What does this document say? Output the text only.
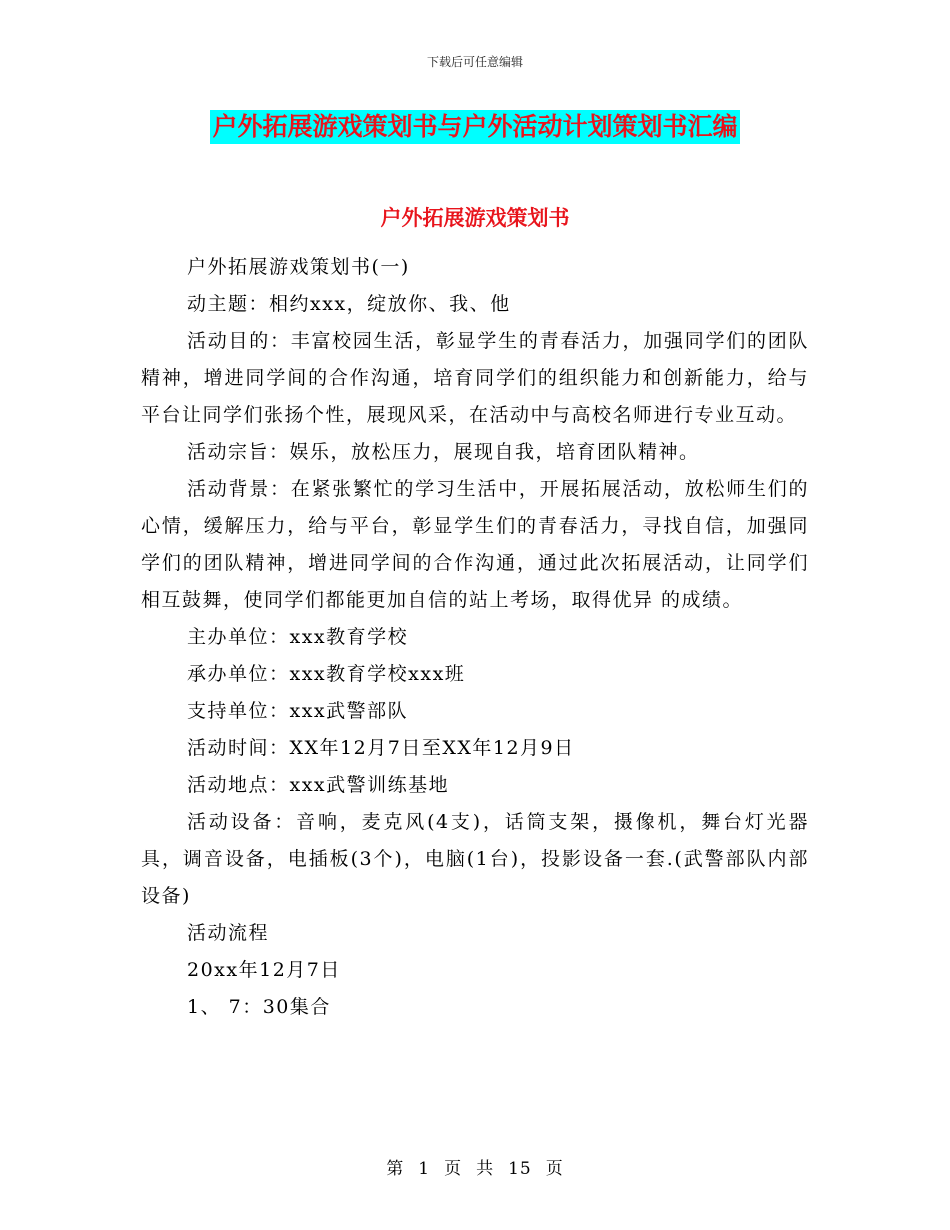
下载后可任意编辑
户外拓展游戏策划书与户外活动计划策划书汇编
户外拓展游戏策划书

户外拓展游戏策划书(一)

动主题：相约xxx，绽放你、我、他

活动目的：丰富校园生活，彰显学生的青春活力，加强同学们的团队精神，增进同学间的合作沟通，培育同学们的组织能力和创新能力，给与平台让同学们张扬个性，展现风采，在活动中与高校名师进行专业互动。

活动宗旨：娱乐，放松压力，展现自我，培育团队精神。

活动背景：在紧张繁忙的学习生活中，开展拓展活动，放松师生们的心情，缓解压力，给与平台，彰显学生们的青春活力，寻找自信，加强同学们的团队精神，增进同学间的合作沟通，通过此次拓展活动，让同学们相互鼓舞，使同学们都能更加自信的站上考场，取得优异 的成绩。

主办单位：xxx教育学校

承办单位：xxx教育学校xxx班

支持单位：xxx武警部队

活动时间：XX年12月7日至XX年12月9日

活动地点：xxx武警训练基地

活动设备：音响，麦克风(4支)，话筒支架，摄像机，舞台灯光器具，调音设备，电插板(3个)，电脑(1台)，投影设备一套.(武警部队内部设备)

活动流程

20xx年12月7日

1、 7：30集合

第 1 页 共 15 页
